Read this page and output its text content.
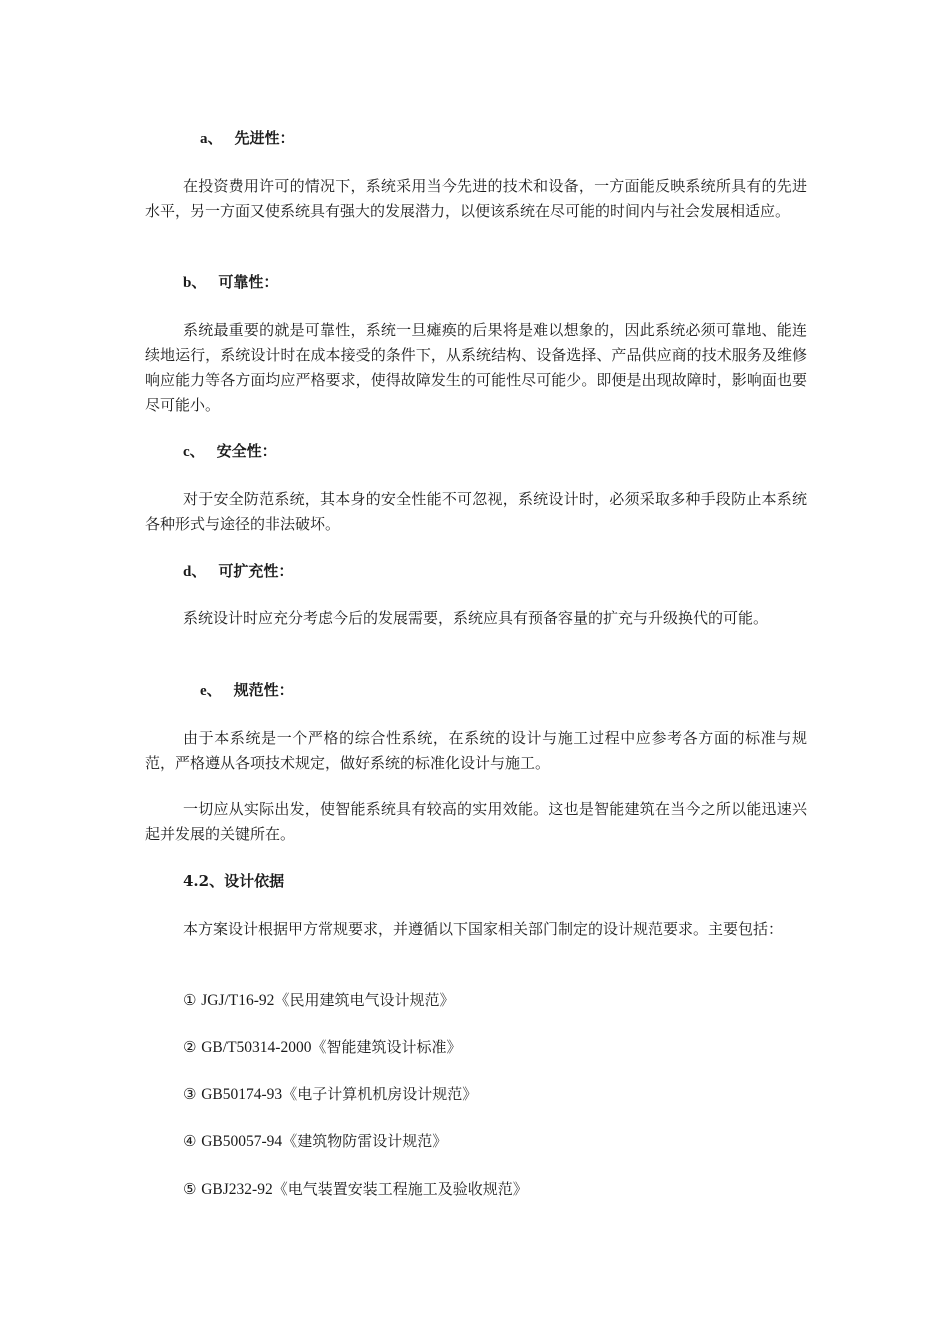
a、 先进性：
在投资费用许可的情况下，系统采用当今先进的技术和设备，一方面能反映系统所具有的先进水平，另一方面又使系统具有强大的发展潜力，以便该系统在尽可能的时间内与社会发展相适应。
b、 可靠性：
系统最重要的就是可靠性，系统一旦瘫痪的后果将是难以想象的，因此系统必须可靠地、能连续地运行，系统设计时在成本接受的条件下，从系统结构、设备选择、产品供应商的技术服务及维修响应能力等各方面均应严格要求，使得故障发生的可能性尽可能少。即便是出现故障时，影响面也要尽可能小。
c、 安全性：
对于安全防范系统，其本身的安全性能不可忽视，系统设计时，必须采取多种手段防止本系统各种形式与途径的非法破坏。
d、 可扩充性：
系统设计时应充分考虑今后的发展需要，系统应具有预备容量的扩充与升级换代的可能。
e、 规范性：
由于本系统是一个严格的综合性系统，在系统的设计与施工过程中应参考各方面的标准与规范，严格遵从各项技术规定，做好系统的标准化设计与施工。
一切应从实际出发，使智能系统具有较高的实用效能。这也是智能建筑在当今之所以能迅速兴起并发展的关键所在。
4.2、设计依据
本方案设计根据甲方常规要求，并遵循以下国家相关部门制定的设计规范要求。主要包括：
① JGJ/T16-92《民用建筑电气设计规范》
② GB/T50314-2000《智能建筑设计标准》
③ GB50174-93《电子计算机机房设计规范》
④ GB50057-94《建筑物防雷设计规范》
⑤ GBJ232-92《电气装置安装工程施工及验收规范》
